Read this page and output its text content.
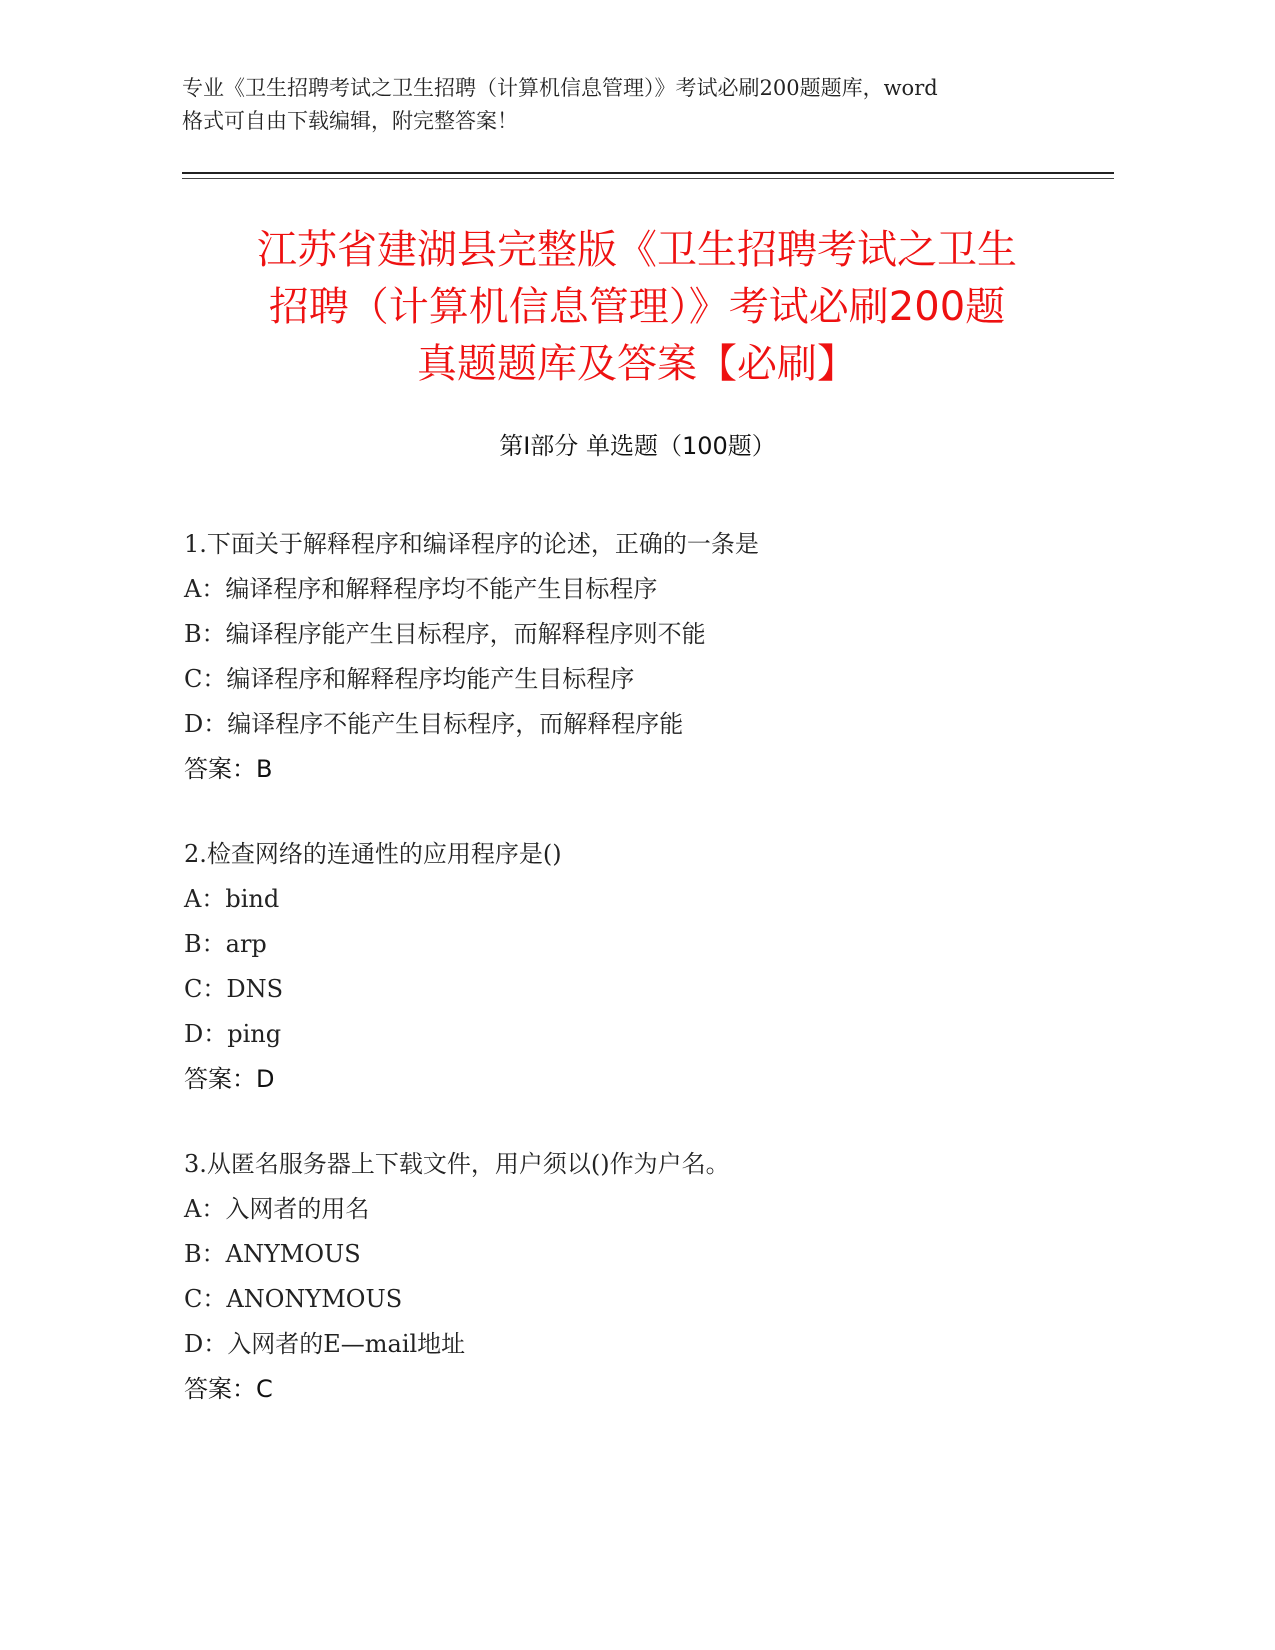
专业《卫生招聘考试之卫生招聘（计算机信息管理）》考试必刷200题题库，word
格式可自由下载编辑，附完整答案！
江苏省建湖县完整版《卫生招聘考试之卫生
招聘（计算机信息管理）》考试必刷200题
真题题库及答案【必刷】
第Ⅰ部分 单选题（100题）
1.下面关于解释程序和编译程序的论述，正确的一条是
A：编译程序和解释程序均不能产生目标程序
B：编译程序能产生目标程序，而解释程序则不能
C：编译程序和解释程序均能产生目标程序
D：编译程序不能产生目标程序，而解释程序能
答案：B
2.检查网络的连通性的应用程序是()
A：bind
B：arp
C：DNS
D：ping
答案：D
3.从匿名服务器上下载文件，用户须以()作为户名。
A：入网者的用名
B：ANYMOUS
C：ANONYMOUS
D：入网者的E—mail地址
答案：C
